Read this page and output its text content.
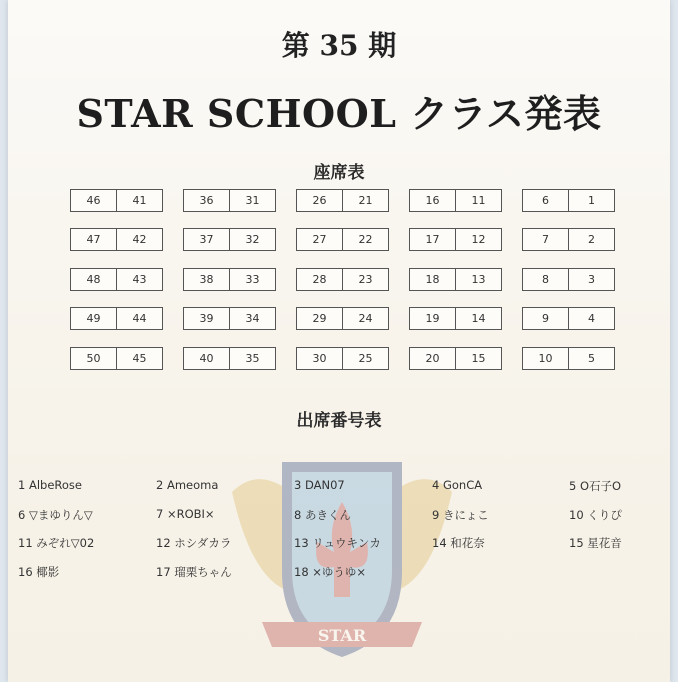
STAR
第 35 期
STAR SCHOOL クラス発表
座席表
46	41	36	31	26	21	16	11	6	1
47	42	37	32	27	22	17	12	7	2
48	43	38	33	28	23	18	13	8	3
49	44	39	34	29	24	19	14	9	4
50	45	40	35	30	25	20	15	10	5
出席番号表
1 AlbeRose	2 Ameoma	3 DAN07	4 GonCA	5 O石子O
6 ▽まゆりん▽	7 ×ROBI×	8 あきくん	9 きにょこ	10 くりぴ
11 みぞれ▽02	12 ホシダカラ	13 リュウキンカ	14 和花奈	15 星花音
16 椰影	17 瑠栗ちゃん	18 ×ゆうゆ×
